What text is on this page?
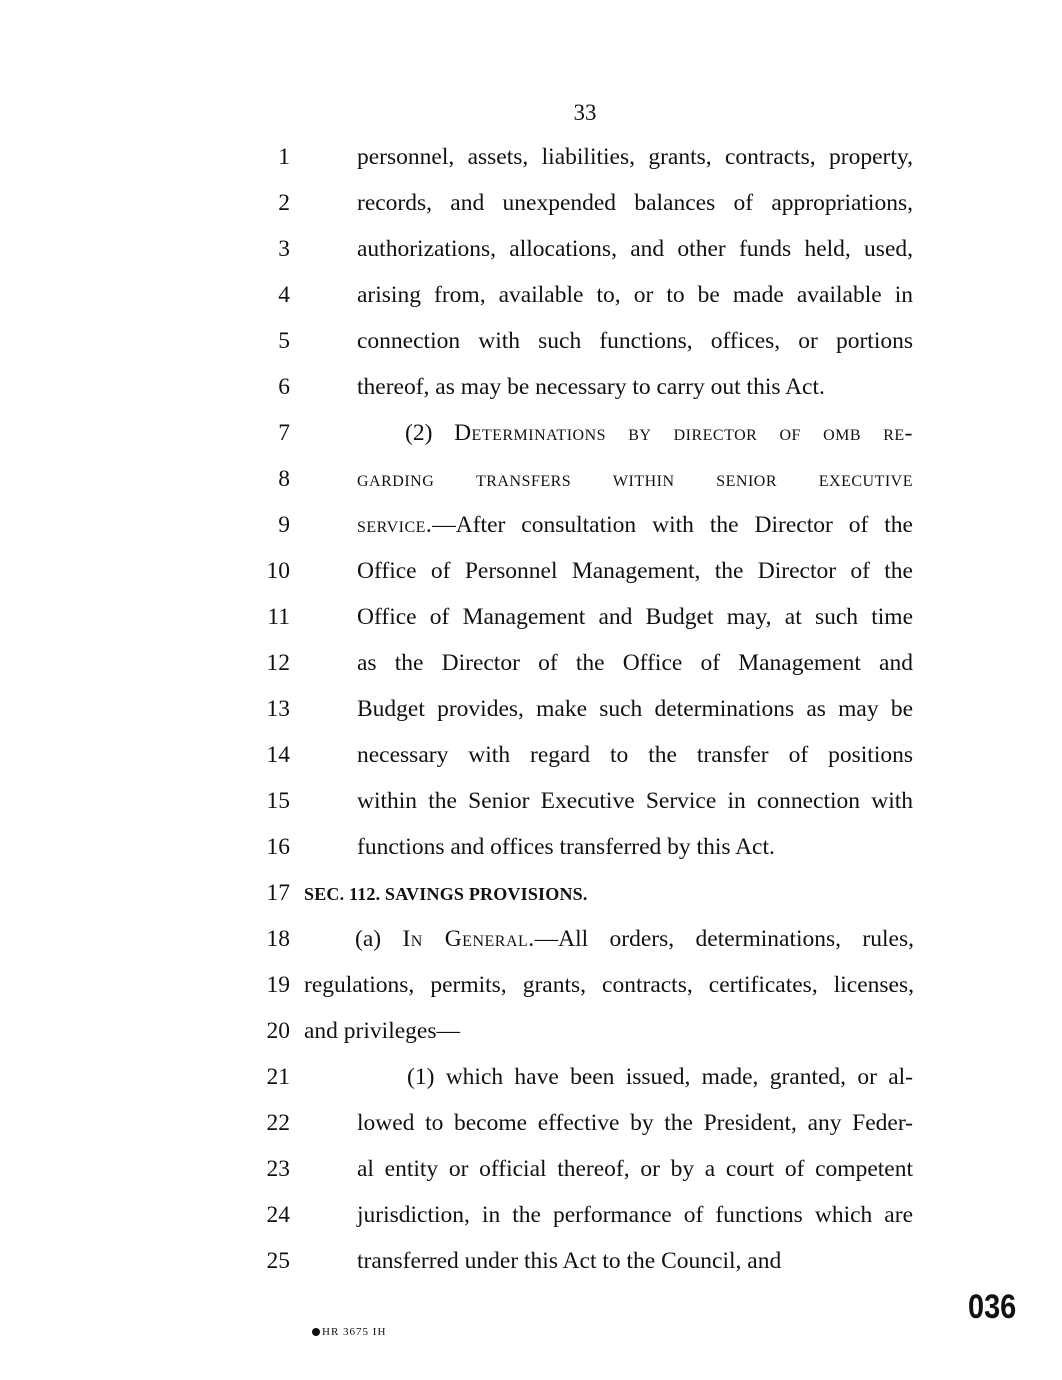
33
1	personnel, assets, liabilities, grants, contracts, property,
2	records, and unexpended balances of appropriations,
3	authorizations, allocations, and other funds held, used,
4	arising from, available to, or to be made available in
5	connection with such functions, offices, or portions
6	thereof, as may be necessary to carry out this Act.
7	(2) Determinations by director of omb re-
8	garding transfers within senior executive
9	service.—After consultation with the Director of the
10	Office of Personnel Management, the Director of the
11	Office of Management and Budget may, at such time
12	as the Director of the Office of Management and
13	Budget provides, make such determinations as may be
14	necessary with regard to the transfer of positions
15	within the Senior Executive Service in connection with
16	functions and offices transferred by this Act.
17 SEC. 112. SAVINGS PROVISIONS.
18	(a) In General.—All orders, determinations, rules,
19 regulations, permits, grants, contracts, certificates, licenses,
20 and privileges—
21	(1) which have been issued, made, granted, or al-
22	lowed to become effective by the President, any Feder-
23	al entity or official thereof, or by a court of competent
24	jurisdiction, in the performance of functions which are
25	transferred under this Act to the Council, and
HR 3675 IH
036
